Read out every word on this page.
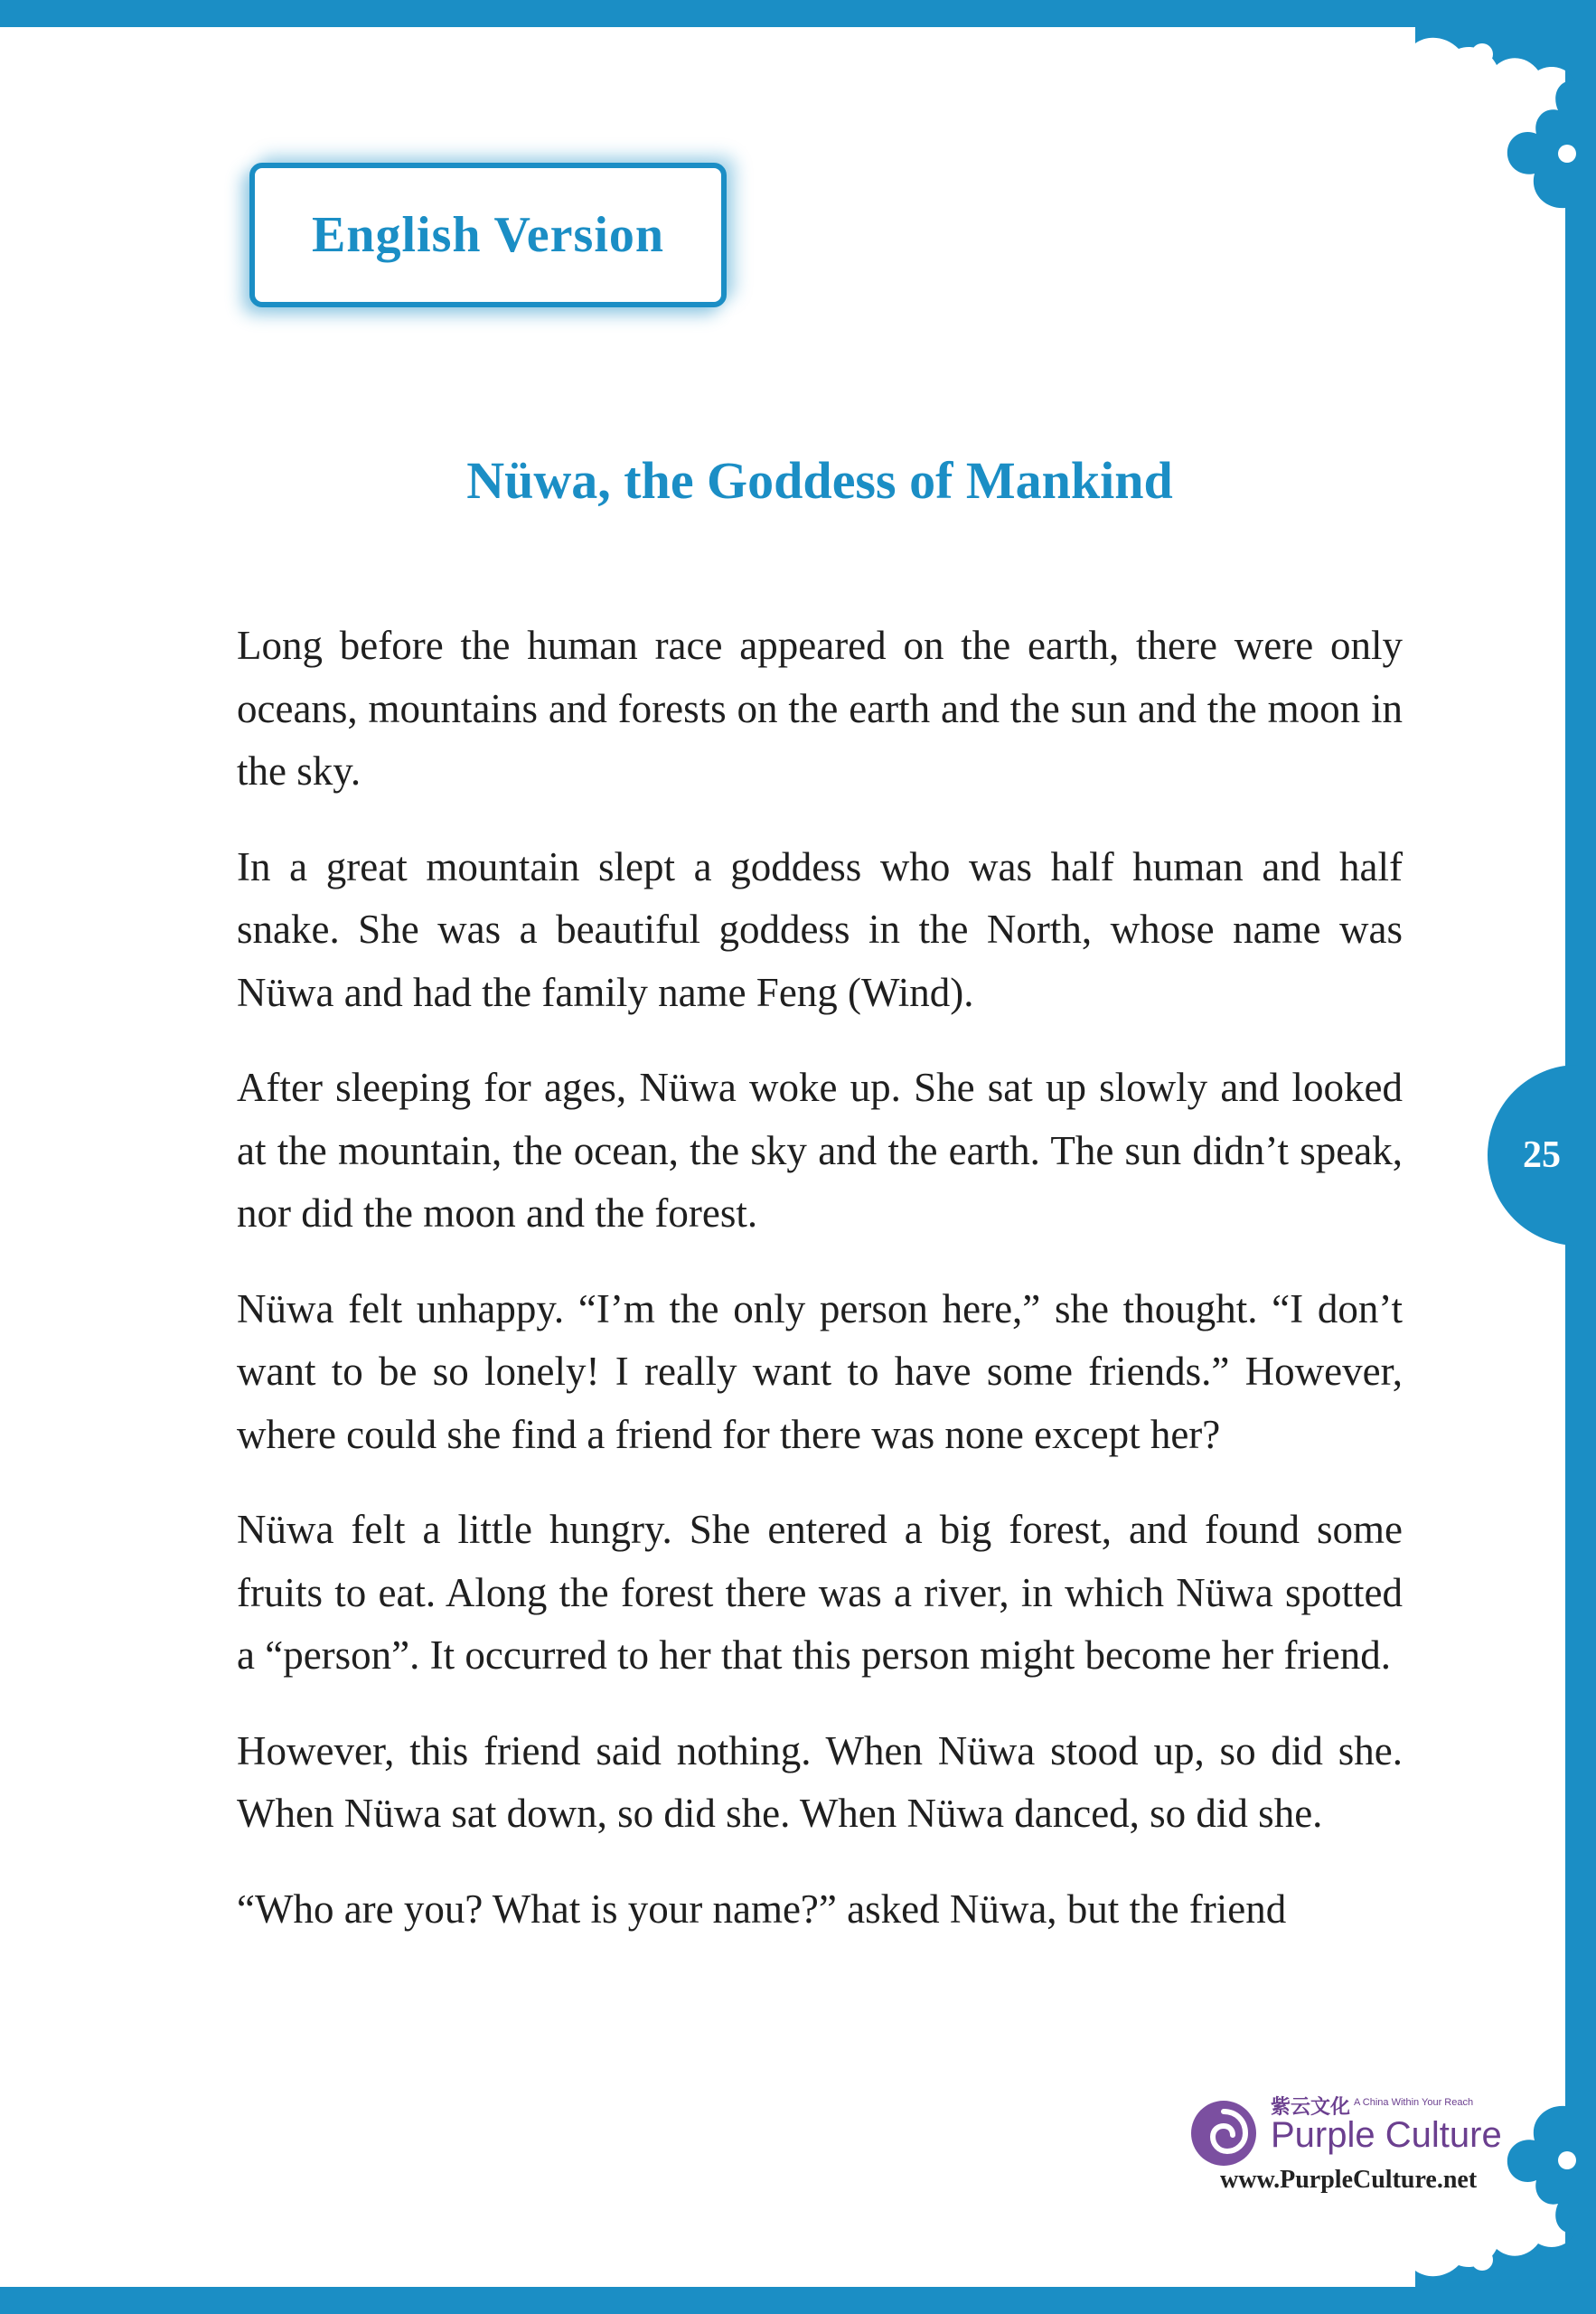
English Version
Nüwa, the Goddess of Mankind

Long before the human race appeared on the earth, there were only oceans, mountains and forests on the earth and the sun and the moon in the sky.

In a great mountain slept a goddess who was half human and half snake. She was a beautiful goddess in the North, whose name was Nüwa and had the family name Feng (Wind).

After sleeping for ages, Nüwa woke up. She sat up slowly and looked at the mountain, the ocean, the sky and the earth. The sun didn’t speak, nor did the moon and the forest.

Nüwa felt unhappy. “I’m the only person here,” she thought. “I don’t want to be so lonely! I really want to have some friends.” However, where could she find a friend for there was none except her?

Nüwa felt a little hungry. She entered a big forest, and found some fruits to eat. Along the forest there was a river, in which Nüwa spotted a “person”. It occurred to her that this person might become her friend.

However, this friend said nothing. When Nüwa stood up, so did she. When Nüwa sat down, so did she. When Nüwa danced, so did she.

“Who are you? What is your name?” asked Nüwa, but the friend

25
紫云文化 A China Within Your Reach
Purple Culture
www.PurpleCulture.net
